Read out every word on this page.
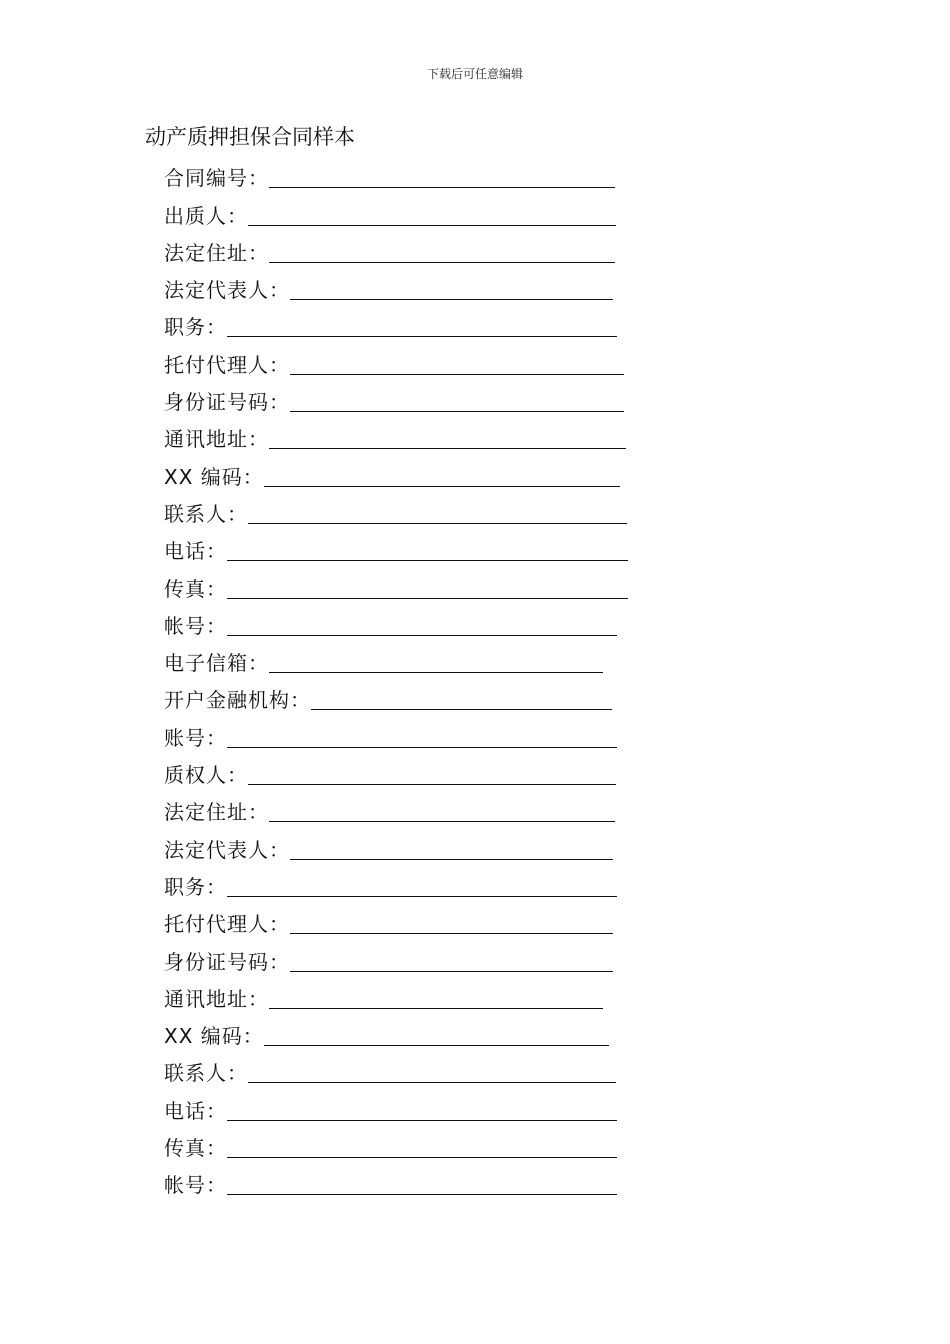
下载后可任意编辑
动产质押担保合同样本
合同编号：
出质人：
法定住址：
法定代表人：
职务：
托付代理人：
身份证号码：
通讯地址：
XX 编码：
联系人：
电话：
传真：
帐号：
电子信箱：
开户金融机构：
账号：
质权人：
法定住址：
法定代表人：
职务：
托付代理人：
身份证号码：
通讯地址：
XX 编码：
联系人：
电话：
传真：
帐号：
